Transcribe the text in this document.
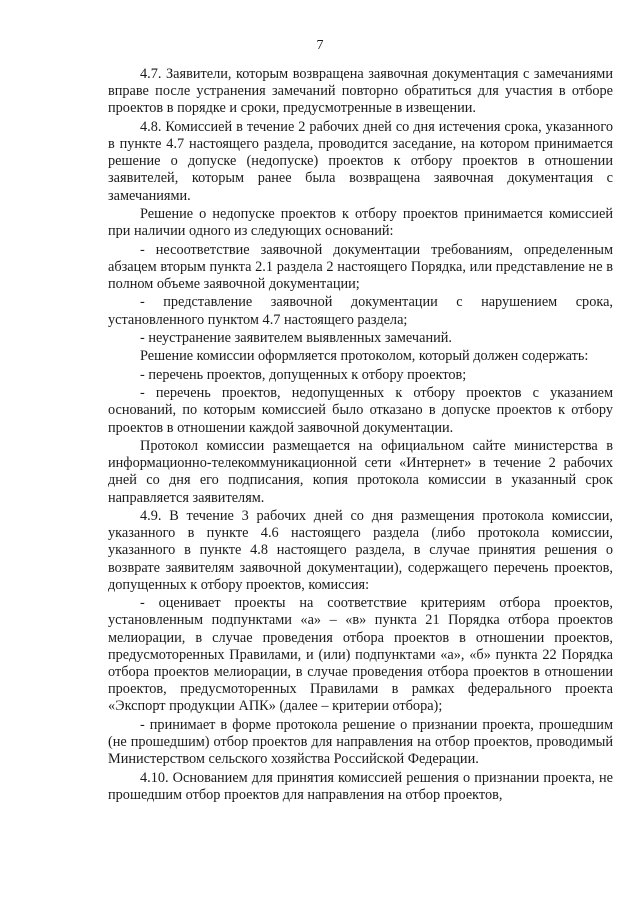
7

4.7. Заявители, которым возвращена заявочная документация с замечаниями вправе после устранения замечаний повторно обратиться для участия в отборе проектов в порядке и сроки, предусмотренные в извещении.

4.8. Комиссией в течение 2 рабочих дней со дня истечения срока, указанного в пункте 4.7 настоящего раздела, проводится заседание, на котором принимается решение о допуске (недопуске) проектов к отбору проектов в отношении заявителей, которым ранее была возвращена заявочная документация с замечаниями.

Решение о недопуске проектов к отбору проектов принимается комиссией при наличии одного из следующих оснований:

- несоответствие заявочной документации требованиям, определенным абзацем вторым пункта 2.1 раздела 2 настоящего Порядка, или представление не в полном объеме заявочной документации;

- представление заявочной документации с нарушением срока, установленного пунктом 4.7 настоящего раздела;

- неустранение заявителем выявленных замечаний.

Решение комиссии оформляется протоколом, который должен содержать:

- перечень проектов, допущенных к отбору проектов;

- перечень проектов, недопущенных к отбору проектов с указанием оснований, по которым комиссией было отказано в допуске проектов к отбору проектов в отношении каждой заявочной документации.

Протокол комиссии размещается на официальном сайте министерства в информационно-телекоммуникационной сети «Интернет» в течение 2 рабочих дней со дня его подписания, копия протокола комиссии в указанный срок направляется заявителям.

4.9. В течение 3 рабочих дней со дня размещения протокола комиссии, указанного в пункте 4.6 настоящего раздела (либо протокола комиссии, указанного в пункте 4.8 настоящего раздела, в случае принятия решения о возврате заявителям заявочной документации), содержащего перечень проектов, допущенных к отбору проектов, комиссия:

- оценивает проекты на соответствие критериям отбора проектов, установленным подпунктами «а» – «в» пункта 21 Порядка отбора проектов мелиорации, в случае проведения отбора проектов в отношении проектов, предусмоторенных Правилами, и (или) подпунктами «а», «б» пункта 22 Порядка отбора проектов мелиорации, в случае проведения отбора проектов в отношении проектов, предусмоторенных Правилами в рамках федерального проекта «Экспорт продукции АПК» (далее – критерии отбора);

- принимает в форме протокола решение о признании проекта, прошедшим (не прошедшим) отбор проектов для направления на отбор проектов, проводимый Министерством сельского хозяйства Российской Федерации.

4.10. Основанием для принятия комиссией решения о признании проекта, не прошедшим отбор проектов для направления на отбор проектов,
